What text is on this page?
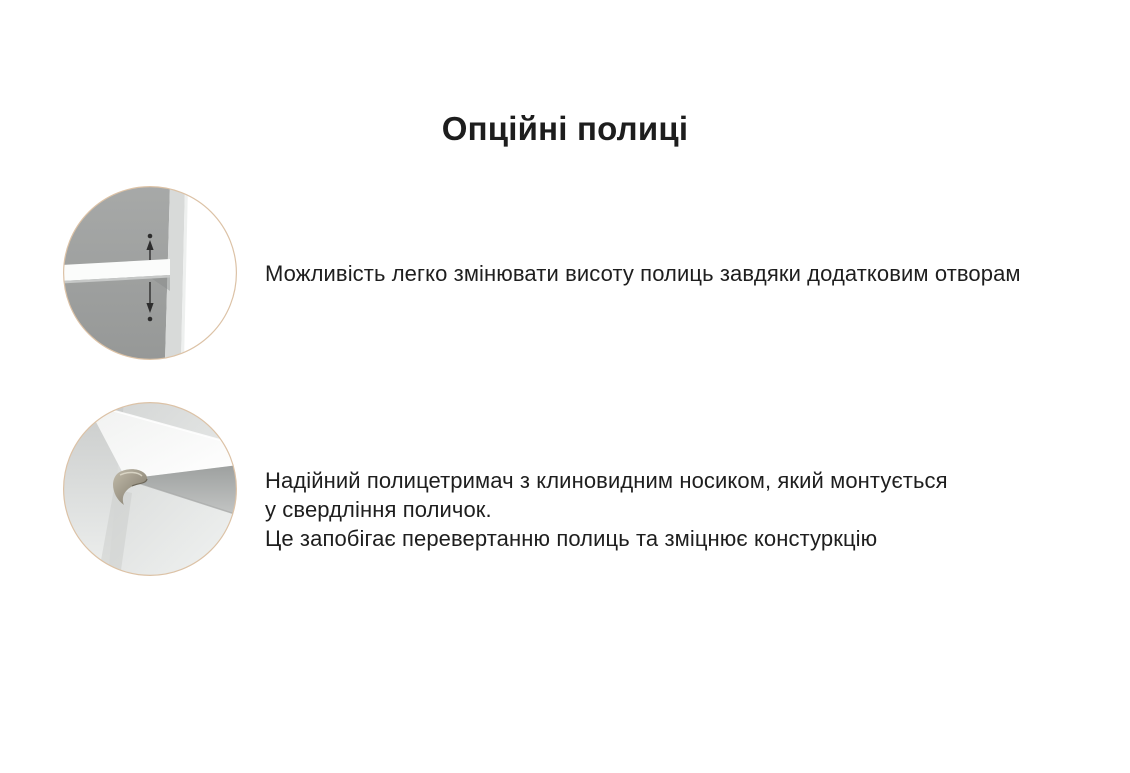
Опційні полиці

Можливість легко змінювати висоту полиць завдяки додатковим отворам

Надійний полицетримач з клиновидним носиком, який монтується
у свердління поличок.
Це запобігає перевертанню полиць та зміцнює констуркцію
